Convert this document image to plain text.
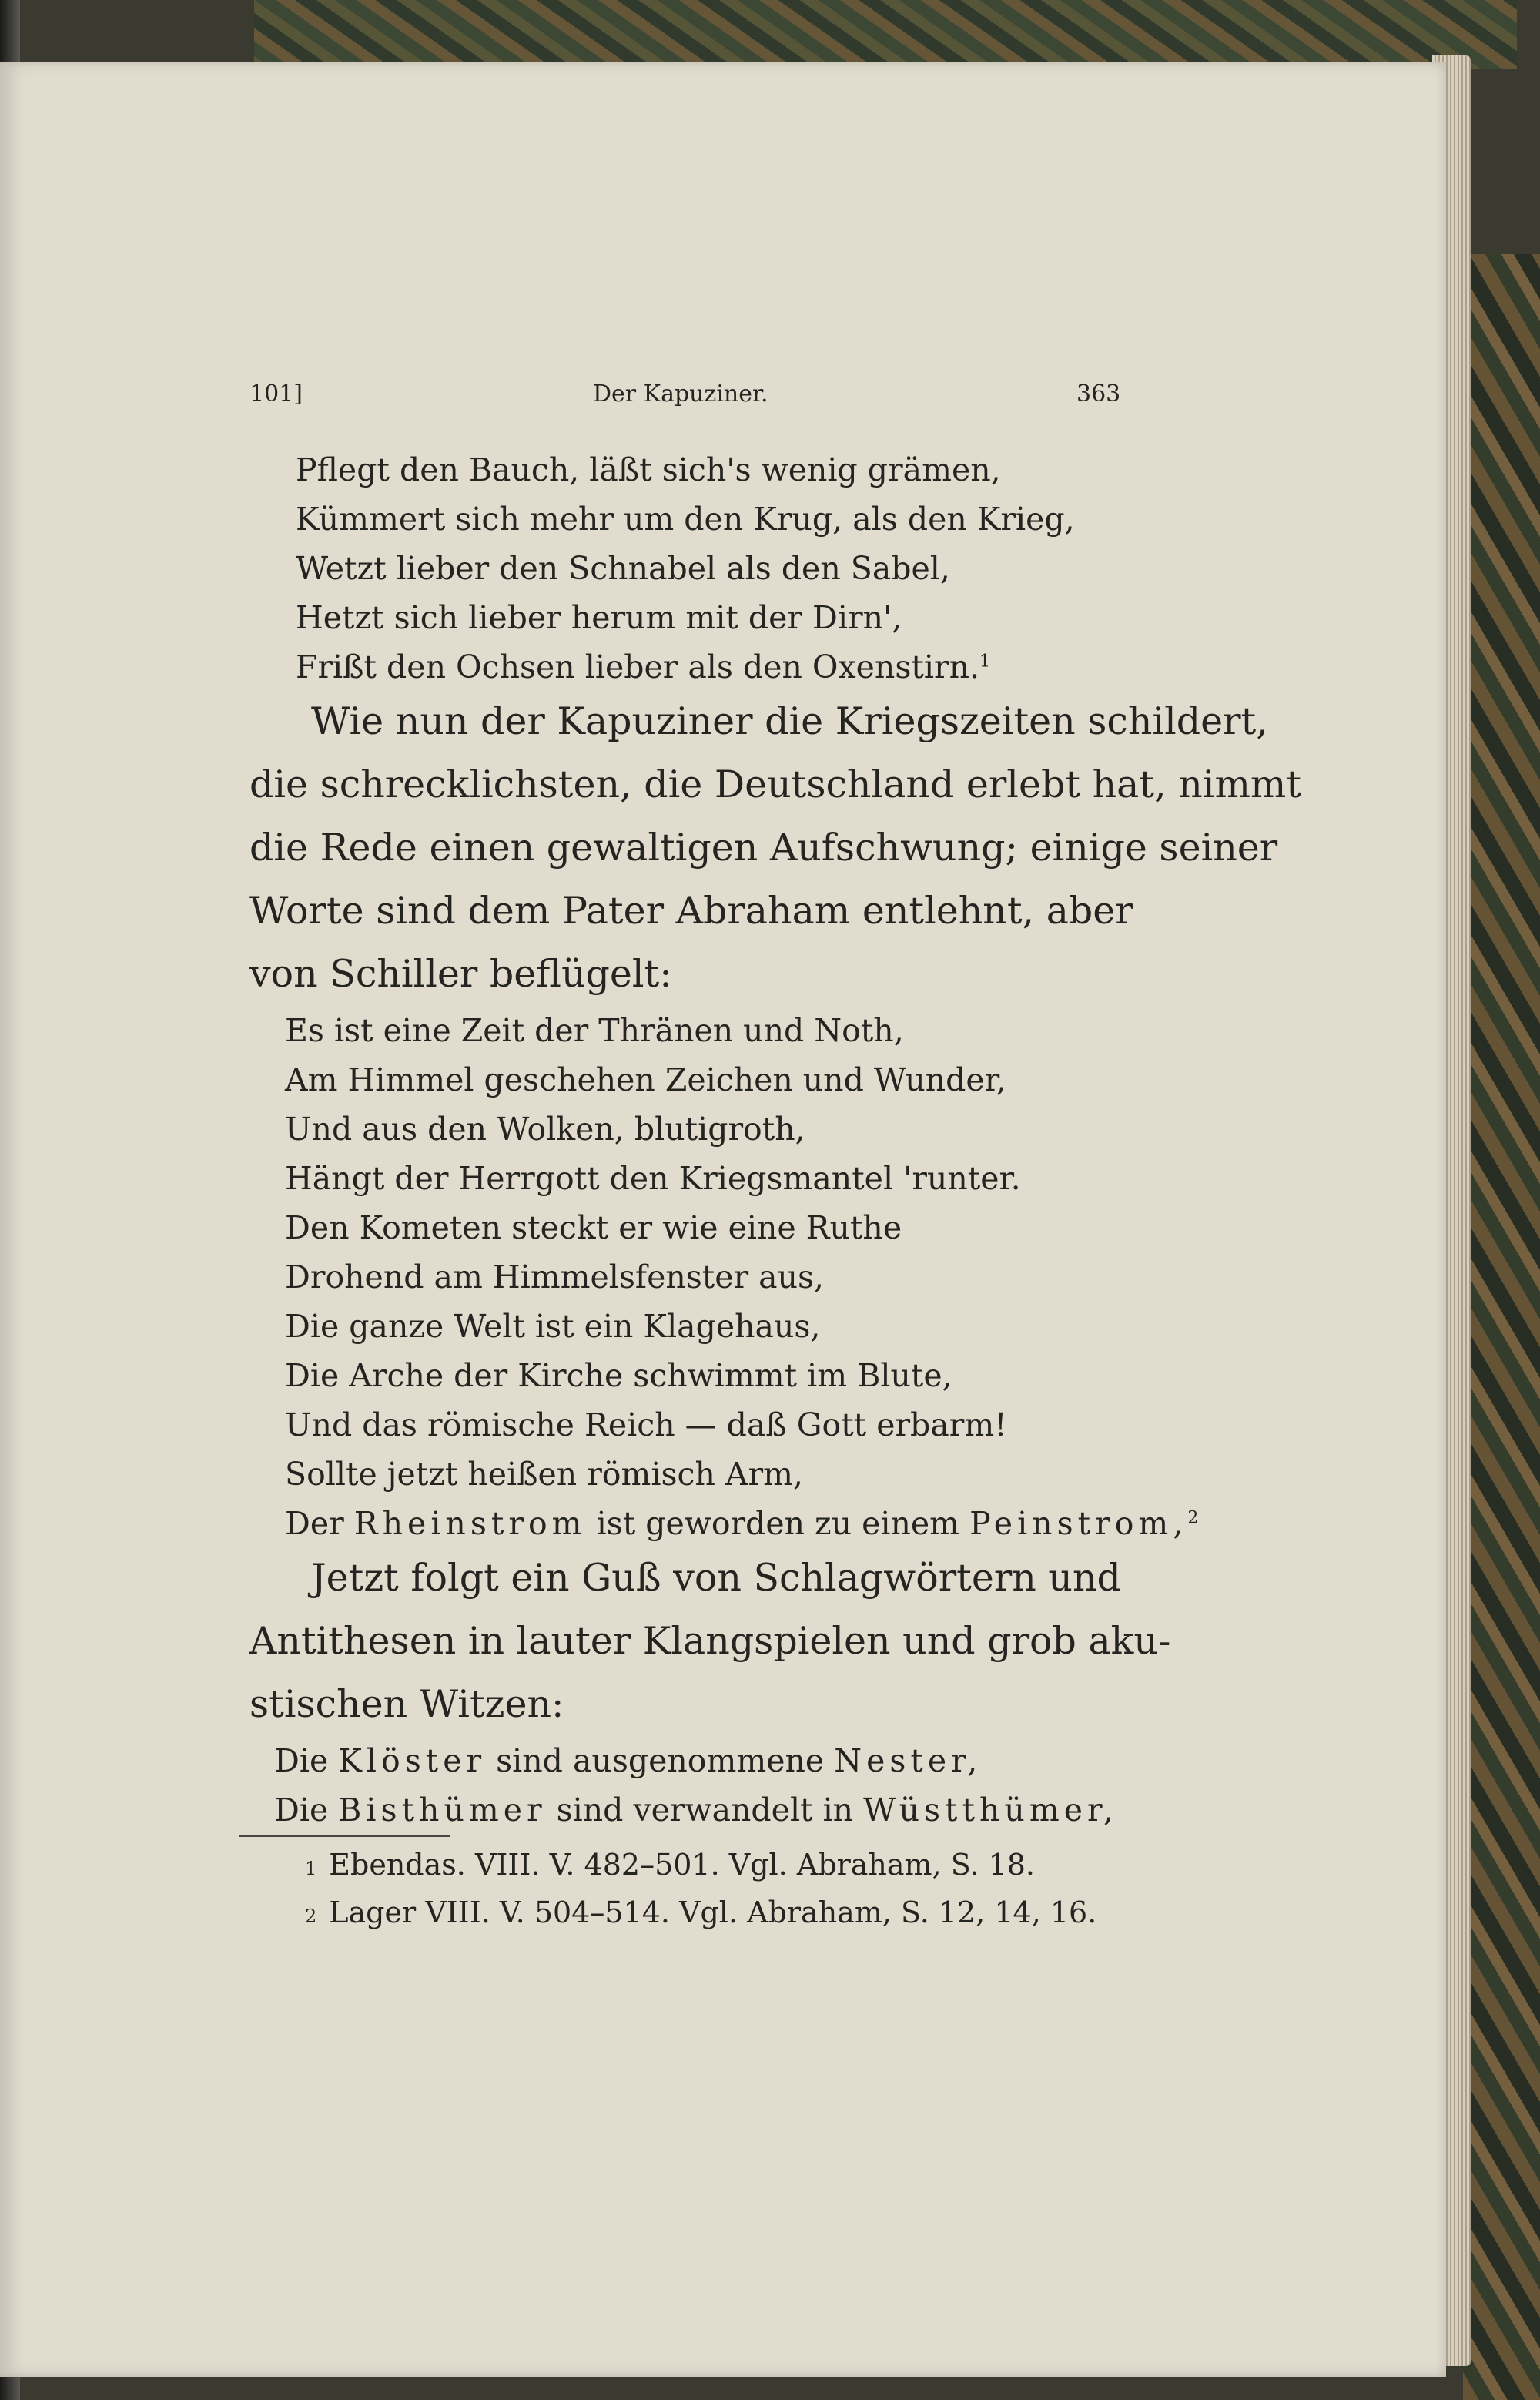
101]	Der Kapuziner.	363
Pflegt den Bauch, läßt sich's wenig grämen,
Kümmert sich mehr um den Krug, als den Krieg,
Wetzt lieber den Schnabel als den Sabel,
Hetzt sich lieber herum mit der Dirn',
Frißt den Ochsen lieber als den Oxenstirn.$^1$
Wie nun der Kapuziner die Kriegszeiten schildert,
die schrecklichsten, die Deutschland erlebt hat, nimmt
die Rede einen gewaltigen Aufschwung; einige seiner
Worte sind dem Pater Abraham entlehnt, aber
von Schiller beflügelt:
Es ist eine Zeit der Thränen und Noth,
Am Himmel geschehen Zeichen und Wunder,
Und aus den Wolken, blutigroth,
Hängt der Herrgott den Kriegsmantel 'runter.
Den Kometen steckt er wie eine Ruthe
Drohend am Himmelsfenster aus,
Die ganze Welt ist ein Klagehaus,
Die Arche der Kirche schwimmt im Blute,
Und das römische Reich — daß Gott erbarm!
Sollte jetzt heißen römisch Arm,
Der Rheinstrom ist geworden zu einem Peinstrom,$^2$
Jetzt folgt ein Guß von Schlagwörtern und
Antithesen in lauter Klangspielen und grob aku-
stischen Witzen:
Die Klöster sind ausgenommene Nester,
Die Bisthümer sind verwandelt in Wüstthümer,
1 Ebendas. VIII. V. 482–501. Vgl. Abraham, S. 18.
2 Lager VIII. V. 504–514. Vgl. Abraham, S. 12, 14, 16.
